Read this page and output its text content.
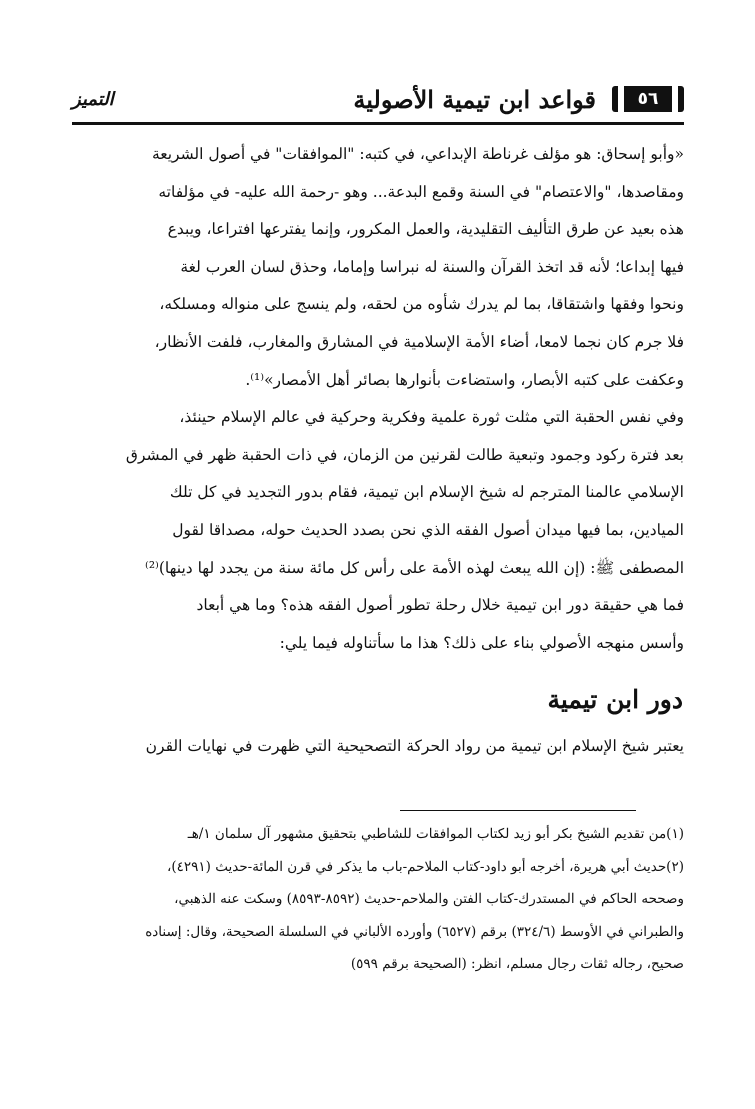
٥٦
قواعد ابن تيمية الأصولية
التميز
«وأبو إسحاق: هو مؤلف غرناطة الإبداعي، في كتبه: "الموافقات" في أصول الشريعة
ومقاصدها، "والاعتصام" في السنة وقمع البدعة... وهو -رحمة الله عليه- في مؤلفاته
هذه بعيد عن طرق التأليف التقليدية، والعمل المكرور، وإنما يفترعها افتراعا، ويبدع
فيها إبداعا؛ لأنه قد اتخذ القرآن والسنة له نبراسا وإماما، وحذق لسان العرب لغة
ونحوا وفقها واشتقاقا، بما لم يدرك شأوه من لحقه، ولم ينسج على منواله ومسلكه،
فلا جرم كان نجما لامعا، أضاء الأمة الإسلامية في المشارق والمغارب، فلفت الأنظار،
وعكفت على كتبه الأبصار، واستضاءت بأنوارها بصائر أهل الأمصار»⁽¹⁾.
وفي نفس الحقبة التي مثلت ثورة علمية وفكرية وحركية في عالم الإسلام حينئذ،
بعد فترة ركود وجمود وتبعية طالت لقرنين من الزمان، في ذات الحقبة ظهر في المشرق
الإسلامي عالمنا المترجم له شيخ الإسلام ابن تيمية، فقام بدور التجديد في كل تلك
الميادين، بما فيها ميدان أصول الفقه الذي نحن بصدد الحديث حوله، مصداقا لقول
المصطفى ﷺ: (إن الله يبعث لهذه الأمة على رأس كل مائة سنة من يجدد لها دينها)⁽²⁾
فما هي حقيقة دور ابن تيمية خلال رحلة تطور أصول الفقه هذه؟ وما هي أبعاد
وأسس منهجه الأصولي بناء على ذلك؟ هذا ما سأتناوله فيما يلي:
دور ابن تيمية
يعتبر شيخ الإسلام ابن تيمية من رواد الحركة التصحيحية التي ظهرت في نهايات القرن
(١)من تقديم الشيخ بكر أبو زيد لكتاب الموافقات للشاطبي بتحقيق مشهور آل سلمان ١/هـ
(٢)حديث أبي هريرة، أخرجه أبو داود-كتاب الملاحم-باب ما يذكر في قرن المائة-حديث (٤٢٩١)،
وصححه الحاكم في المستدرك-كتاب الفتن والملاحم-حديث (٨٥٩٢-٨٥٩٣) وسكت عنه الذهبي،
والطبراني في الأوسط (٣٢٤/٦) برقم (٦٥٢٧) وأورده الألباني في السلسلة الصحيحة، وقال: إسناده
صحيح، رجاله ثقات رجال مسلم، انظر: (الصحيحة برقم ٥٩٩)
